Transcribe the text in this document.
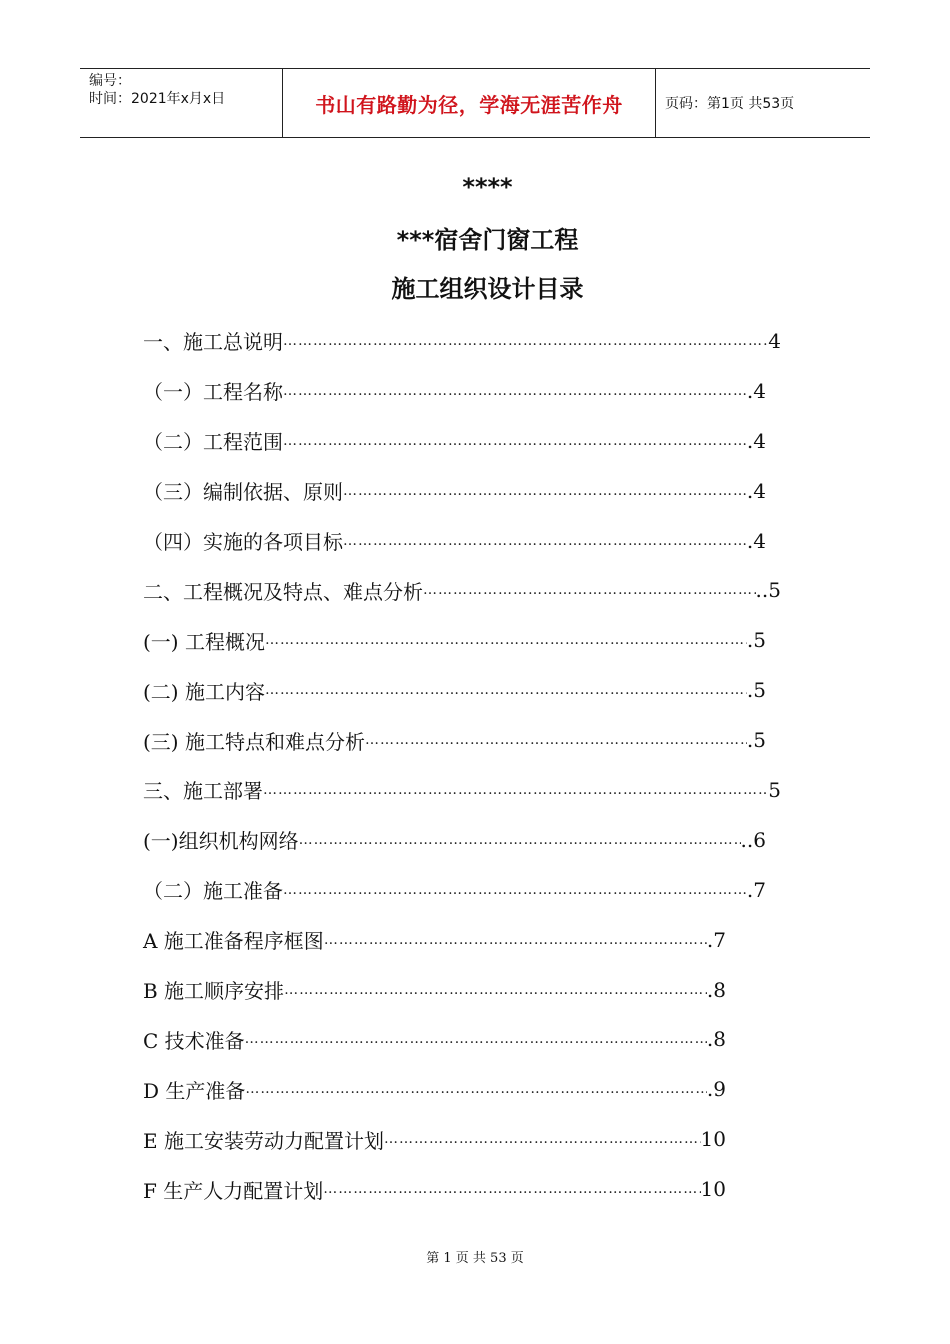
编号：
时间：2021年x月x日	书山有路勤为径，学海无涯苦作舟	页码：第1页 共53页
****
***宿舍门窗工程
施工组织设计目录
一、施工总说明 …………………………………………………………………………………………………………………………………………………	4
（一）工程名称 …………………………………………………………………………………………………………………………………………………	.4
（二）工程范围 …………………………………………………………………………………………………………………………………………………	.4
（三）编制依据、原则 …………………………………………………………………………………………………………………………………………………	.4
（四）实施的各项目标 …………………………………………………………………………………………………………………………………………………	.4
二、工程概况及特点、难点分析 …………………………………………………………………………………………………………………………………………………	..5
(一) 工程概况 …………………………………………………………………………………………………………………………………………………	.5
(二) 施工内容 …………………………………………………………………………………………………………………………………………………	.5
(三) 施工特点和难点分析 …………………………………………………………………………………………………………………………………………………	.5
三、施工部署 …………………………………………………………………………………………………………………………………………………	5
(一)组织机构网络 …………………………………………………………………………………………………………………………………………………	..6
（二）施工准备 …………………………………………………………………………………………………………………………………………………	.7
A 施工准备程序框图 …………………………………………………………………………………………………………………………………………………	.7
B 施工顺序安排 …………………………………………………………………………………………………………………………………………………	.8
C 技术准备 …………………………………………………………………………………………………………………………………………………	.8
D 生产准备 …………………………………………………………………………………………………………………………………………………	.9
E 施工安装劳动力配置计划 …………………………………………………………………………………………………………………………………………………	10
F 生产人力配置计划 …………………………………………………………………………………………………………………………………………………	10
第 1 页 共 53 页
